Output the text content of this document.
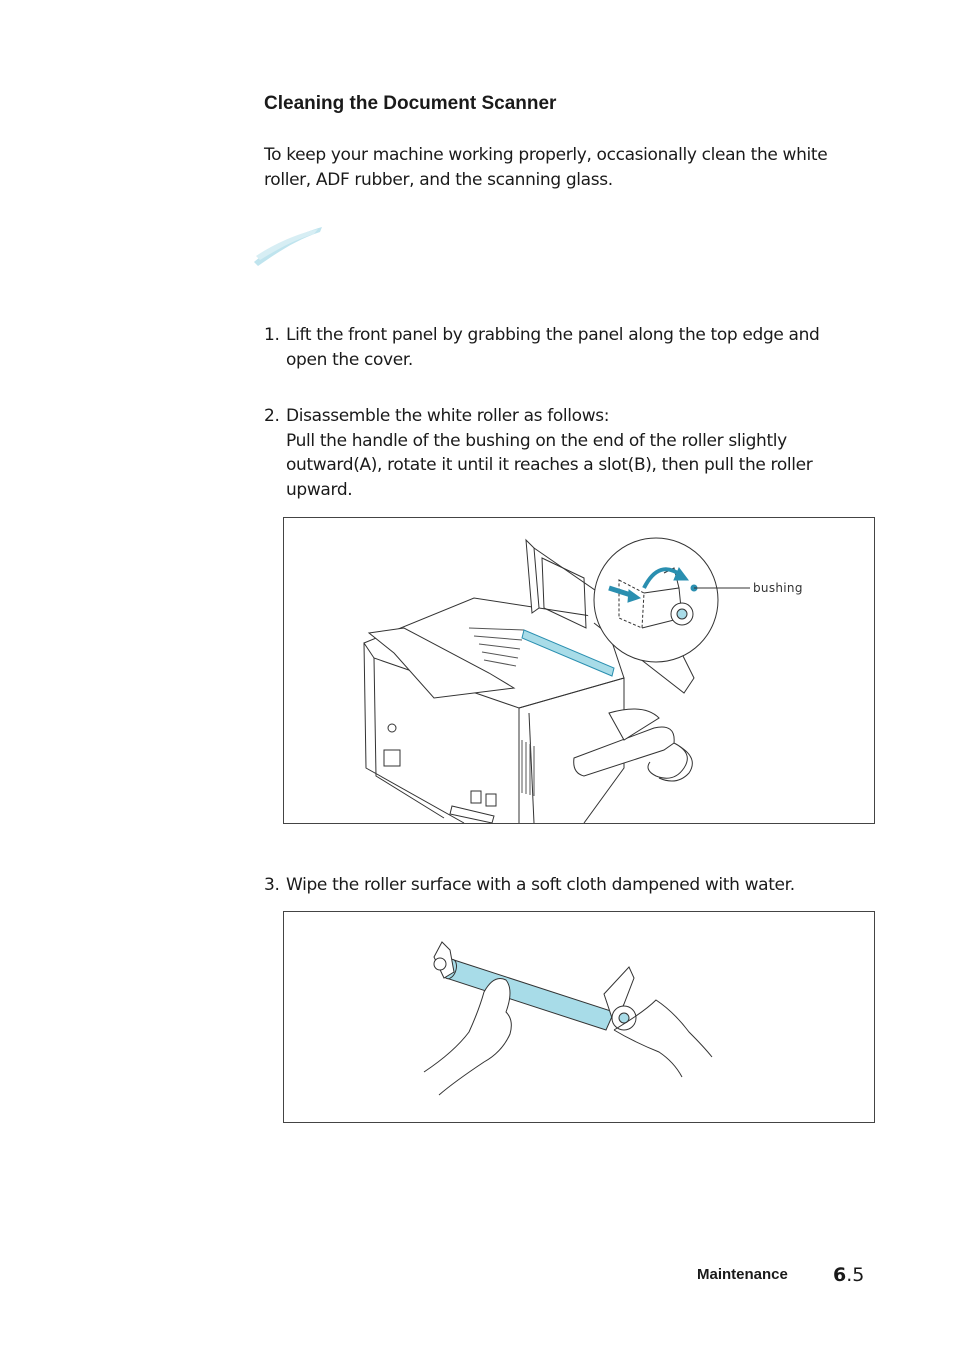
Cleaning the Document Scanner
To keep your machine working properly, occasionally clean the white roller, ADF rubber, and the scanning glass.
1. Lift the front panel by grabbing the panel along the top edge and open the cover.
2. Disassemble the white roller as follows:
Pull the handle of the bushing on the end of the roller slightly outward(A), rotate it until it reaches a slot(B), then pull the roller upward.
bushing
3. Wipe the roller surface with a soft cloth dampened with water.
Maintenance 6.5
